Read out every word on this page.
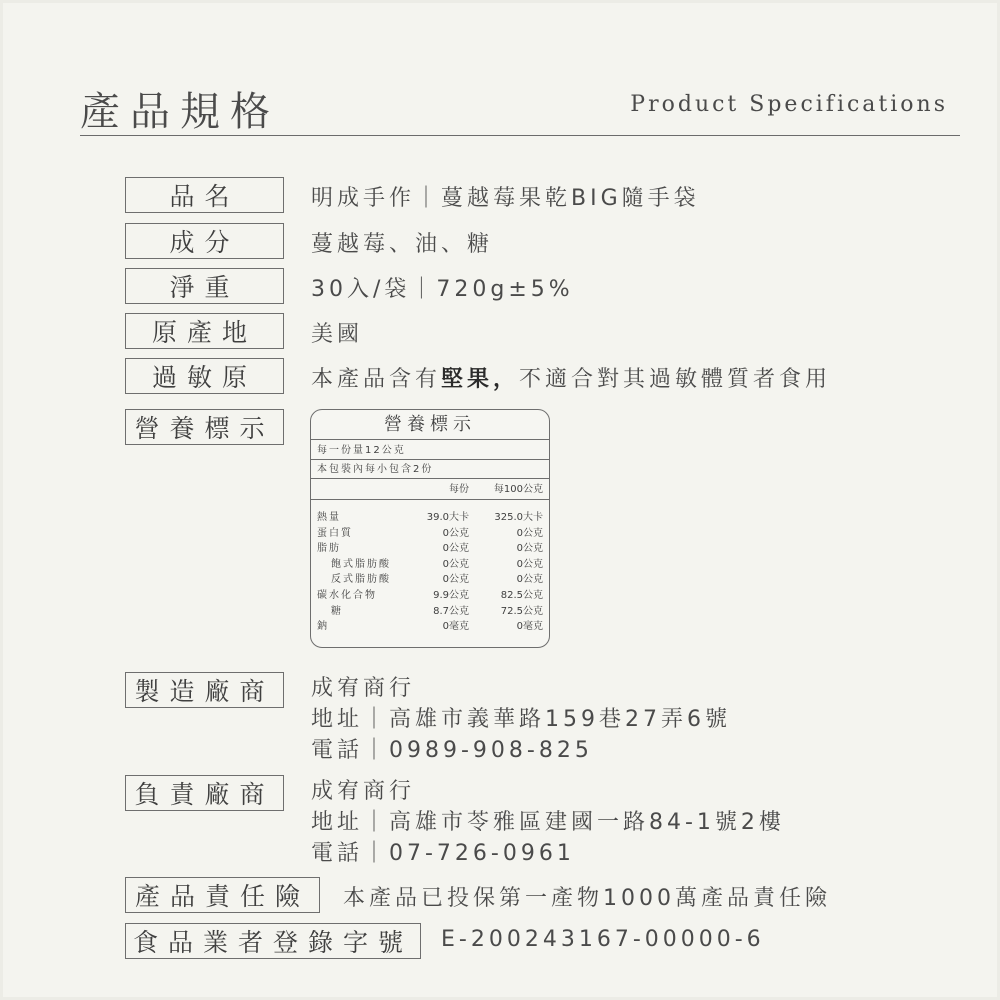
產品規格	Product Specifications
品名	明成手作｜蔓越莓果乾BIG隨手袋
成分	蔓越莓、油、糖
淨重	30入/袋｜720g±5%
原產地	美國
過敏原	本產品含有堅果，不適合對其過敏體質者食用
營養標示	營養標示
每一份量12公克
本包裝內每小包含2份
每份 每100公克
熱量	39.0大卡	325.0大卡
蛋白質	0公克	0公克
脂肪	0公克	0公克
飽式脂肪酸	0公克	0公克
反式脂肪酸	0公克	0公克
碳水化合物	9.9公克	82.5公克
糖	8.7公克	72.5公克
鈉	0毫克	0毫克
製造廠商	成宥商行
地址｜高雄市義華路159巷27弄6號
電話｜0989-908-825
負責廠商	成宥商行
地址｜高雄市苓雅區建國一路84-1號2樓
電話｜07-726-0961
產品責任險	本產品已投保第一產物1000萬產品責任險
食品業者登錄字號	E-200243167-00000-6
